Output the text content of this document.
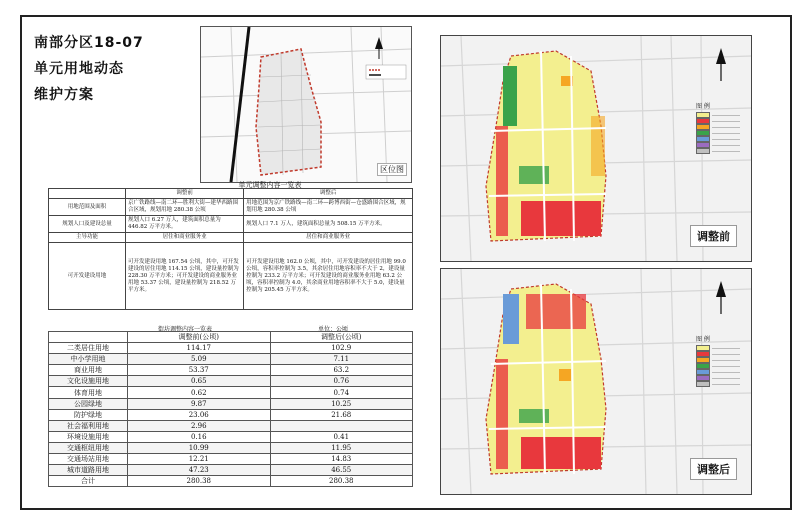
南部分区18-07
单元用地动态
维护方案
区位图
单元调整内容一览表
	调整前	调整后
用地范围及面积	京广铁路线—南二环—胜利大街—建华西路围合区域，规划用地 280.38 公顷	用地范围为京广铁路线—南二环—跨博西街—仓盛路围合区域，规划用地 280.38 公顷
规划人口及建设总量	规划人口 6.27 万人，建筑面积总量为 446.82 万平方米。	规划人口 7.1 万人，建筑面积总量为 508.15 万平方米。
主导功能	居住和商业服务业	居住和商业服务业
可开发建设用地	可开发建设用地 167.54 公顷，其中，可开发建设的居住用地 114.15 公顷，建设量控制为 228.30 万平方米；可开发建设的商业服务业用地 53.37 公顷，建设量控制为 218.52 万平方米。	可开发建设用地 162.0 公顷，其中，可开发建设的居住用地 99.0 公顷，容积率控制为 3.5，其余居住用地容积率不大于 2，建设量控制为 233.2 万平方米；可开发建设的商业服务业用地 63.2 公顷，容积率控制为 4.0，其余商业用地容积率不大于 5.0，建设量控制为 205.45 万平方米。
街坊调整内容一览表	单位：公顷
	调整前(公顷)	调整后(公顷)
二类居住用地	114.17	102.9
中小学用地	5.09	7.11
商业用地	53.37	63.2
文化设施用地	0.65	0.76
体育用地	0.62	0.74
公园绿地	9.87	10.25
防护绿地	23.06	21.68
社会福利用地	2.96	
环境设施用地	0.16	0.41
交通枢纽用地	10.99	11.95
交通场站用地	12.21	14.83
城市道路用地	47.23	46.55
合计	280.38	280.38
图 例
调整前
图 例
调整后
